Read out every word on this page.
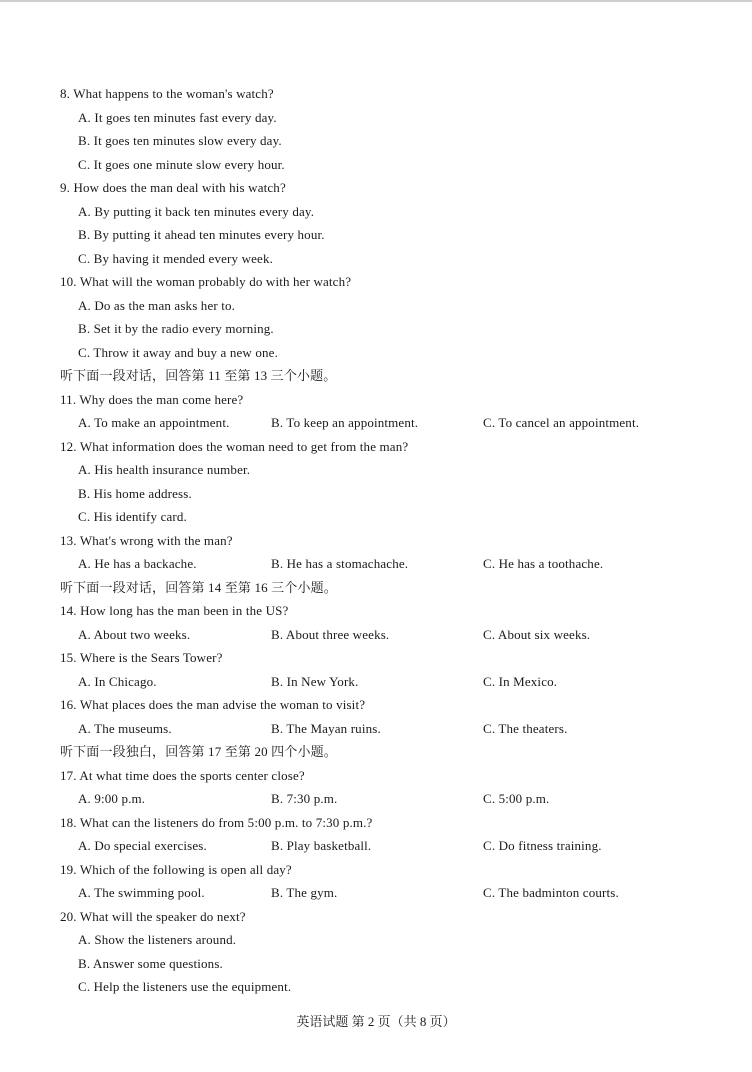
8. What happens to the woman's watch?
A. It goes ten minutes fast every day.
B. It goes ten minutes slow every day.
C. It goes one minute slow every hour.
9. How does the man deal with his watch?
A. By putting it back ten minutes every day.
B. By putting it ahead ten minutes every hour.
C. By having it mended every week.
10. What will the woman probably do with her watch?
A. Do as the man asks her to.
B. Set it by the radio every morning.
C. Throw it away and buy a new one.
听下面一段对话，回答第 11 至第 13 三个小题。
11. Why does the man come here?
A. To make an appointment.	B. To keep an appointment.	C. To cancel an appointment.
12. What information does the woman need to get from the man?
A. His health insurance number.
B. His home address.
C. His identify card.
13. What's wrong with the man?
A. He has a backache.	B. He has a stomachache.	C. He has a toothache.
听下面一段对话，回答第 14 至第 16 三个小题。
14. How long has the man been in the US?
A. About two weeks.	B. About three weeks.	C. About six weeks.
15. Where is the Sears Tower?
A. In Chicago.	B. In New York.	C. In Mexico.
16. What places does the man advise the woman to visit?
A. The museums.	B. The Mayan ruins.	C. The theaters.
听下面一段独白，回答第 17 至第 20 四个小题。
17. At what time does the sports center close?
A. 9:00 p.m.	B. 7:30 p.m.	C. 5:00 p.m.
18. What can the listeners do from 5:00 p.m. to 7:30 p.m.?
A. Do special exercises.	B. Play basketball.	C. Do fitness training.
19. Which of the following is open all day?
A. The swimming pool.	B. The gym.	C. The badminton courts.
20. What will the speaker do next?
A. Show the listeners around.
B. Answer some questions.
C. Help the listeners use the equipment.
英语试题 第 2 页（共 8 页）
